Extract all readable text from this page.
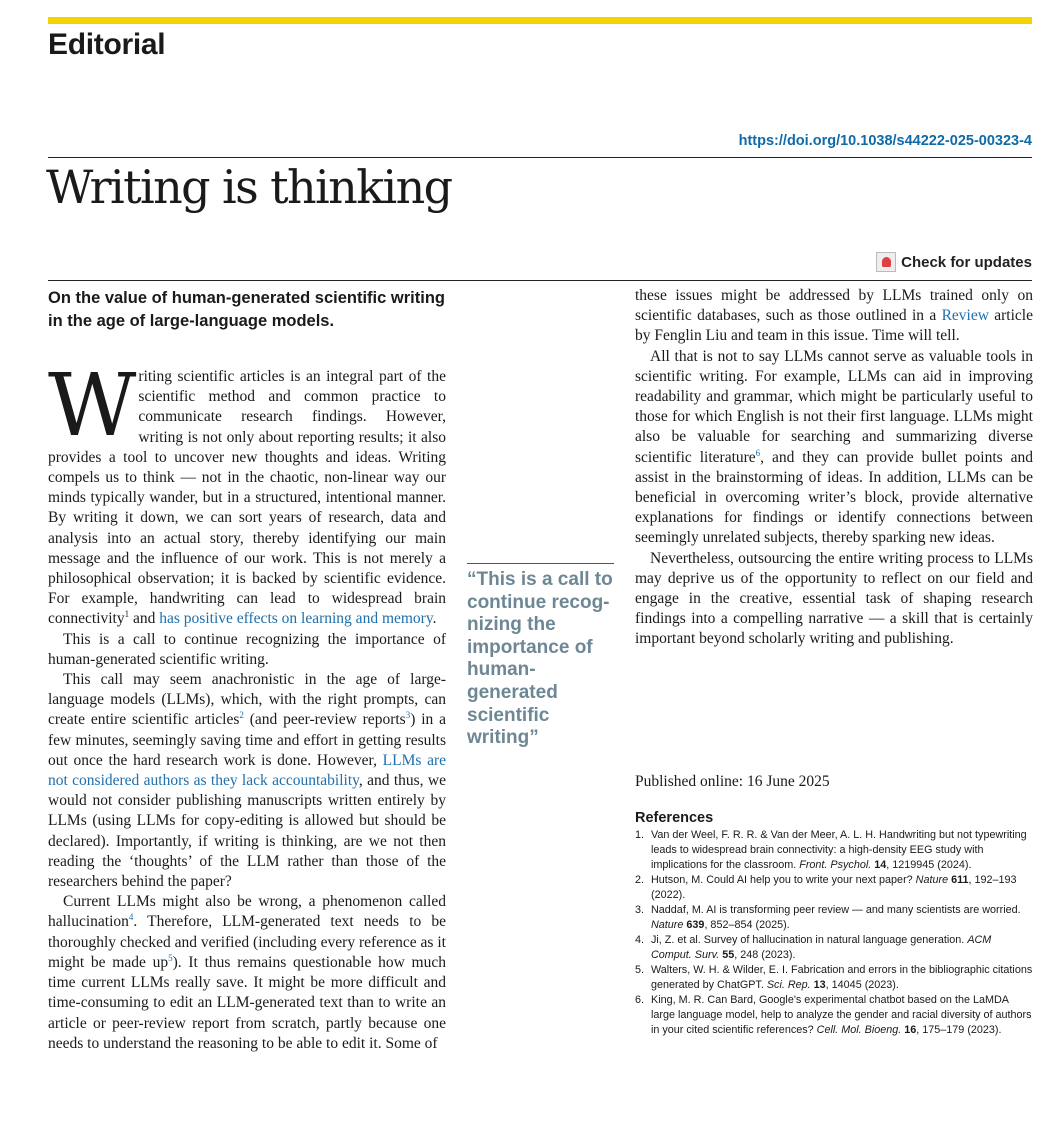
Editorial
https://doi.org/10.1038/s44222-025-00323-4
Writing is thinking
Check for updates

On the value of human-generated scientific writing in the age of large-language models.

Writing scientific articles is an integral part of the scientific method and common practice to communicate research findings. However, writing is not only about reporting results; it also provides a tool to uncover new thoughts and ideas. Writing compels us to think — not in the chaotic, non-linear way our minds typically wander, but in a structured, intentional manner. By writing it down, we can sort years of research, data and analysis into an actual story, thereby identifying our main message and the influence of our work. This is not merely a philosophical observation; it is backed by scientific evidence. For example, handwriting can lead to widespread brain connectivity$^1$ and has positive effects on learning and memory.

This is a call to continue recognizing the importance of human-generated scientific writing.

This call may seem anachronistic in the age of large-language models (LLMs), which, with the right prompts, can create entire scientific articles$^2$ (and peer-review reports$^3$) in a few minutes, seemingly saving time and effort in getting results out once the hard research work is done. However, LLMs are not considered authors as they lack accountability, and thus, we would not consider publishing manuscripts written entirely by LLMs (using LLMs for copy-editing is allowed but should be declared). Importantly, if writing is thinking, are we not then reading the ‘thoughts’ of the LLM rather than those of the researchers behind the paper?

Current LLMs might also be wrong, a phenomenon called hallucination$^4$. Therefore, LLM-generated text needs to be thoroughly checked and verified (including every reference as it might be made up$^5$). It thus remains questionable how much time current LLMs really save. It might be more difficult and time-consuming to edit an LLM-generated text than to write an article or peer-review report from scratch, partly because one needs to understand the reasoning to be able to edit it. Some of

“This is a call to continue recog-nizing the importance of human-generated scientific writing”

these issues might be addressed by LLMs trained only on scientific databases, such as those outlined in a Review article by Fenglin Liu and team in this issue. Time will tell.

All that is not to say LLMs cannot serve as valuable tools in scientific writing. For example, LLMs can aid in improving readability and grammar, which might be particularly useful to those for which English is not their first language. LLMs might also be valuable for searching and summarizing diverse scientific literature$^6$, and they can provide bullet points and assist in the brainstorming of ideas. In addition, LLMs can be beneficial in overcoming writer’s block, provide alternative explanations for findings or identify connections between seemingly unrelated subjects, thereby sparking new ideas.

Nevertheless, outsourcing the entire writing process to LLMs may deprive us of the opportunity to reflect on our field and engage in the creative, essential task of shaping research findings into a compelling narrative — a skill that is certainly important beyond scholarly writing and publishing.

Published online: 16 June 2025
References
1. Van der Weel, F. R. R. & Van der Meer, A. L. H. Handwriting but not typewriting leads to widespread brain connectivity: a high-density EEG study with implications for the classroom. Front. Psychol. 14, 1219945 (2024).
2. Hutson, M. Could AI help you to write your next paper? Nature 611, 192–193 (2022).
3. Naddaf, M. AI is transforming peer review — and many scientists are worried. Nature 639, 852–854 (2025).
4. Ji, Z. et al. Survey of hallucination in natural language generation. ACM Comput. Surv. 55, 248 (2023).
5. Walters, W. H. & Wilder, E. I. Fabrication and errors in the bibliographic citations generated by ChatGPT. Sci. Rep. 13, 14045 (2023).
6. King, M. R. Can Bard, Google's experimental chatbot based on the LaMDA large language model, help to analyze the gender and racial diversity of authors in your cited scientific references? Cell. Mol. Bioeng. 16, 175–179 (2023).
